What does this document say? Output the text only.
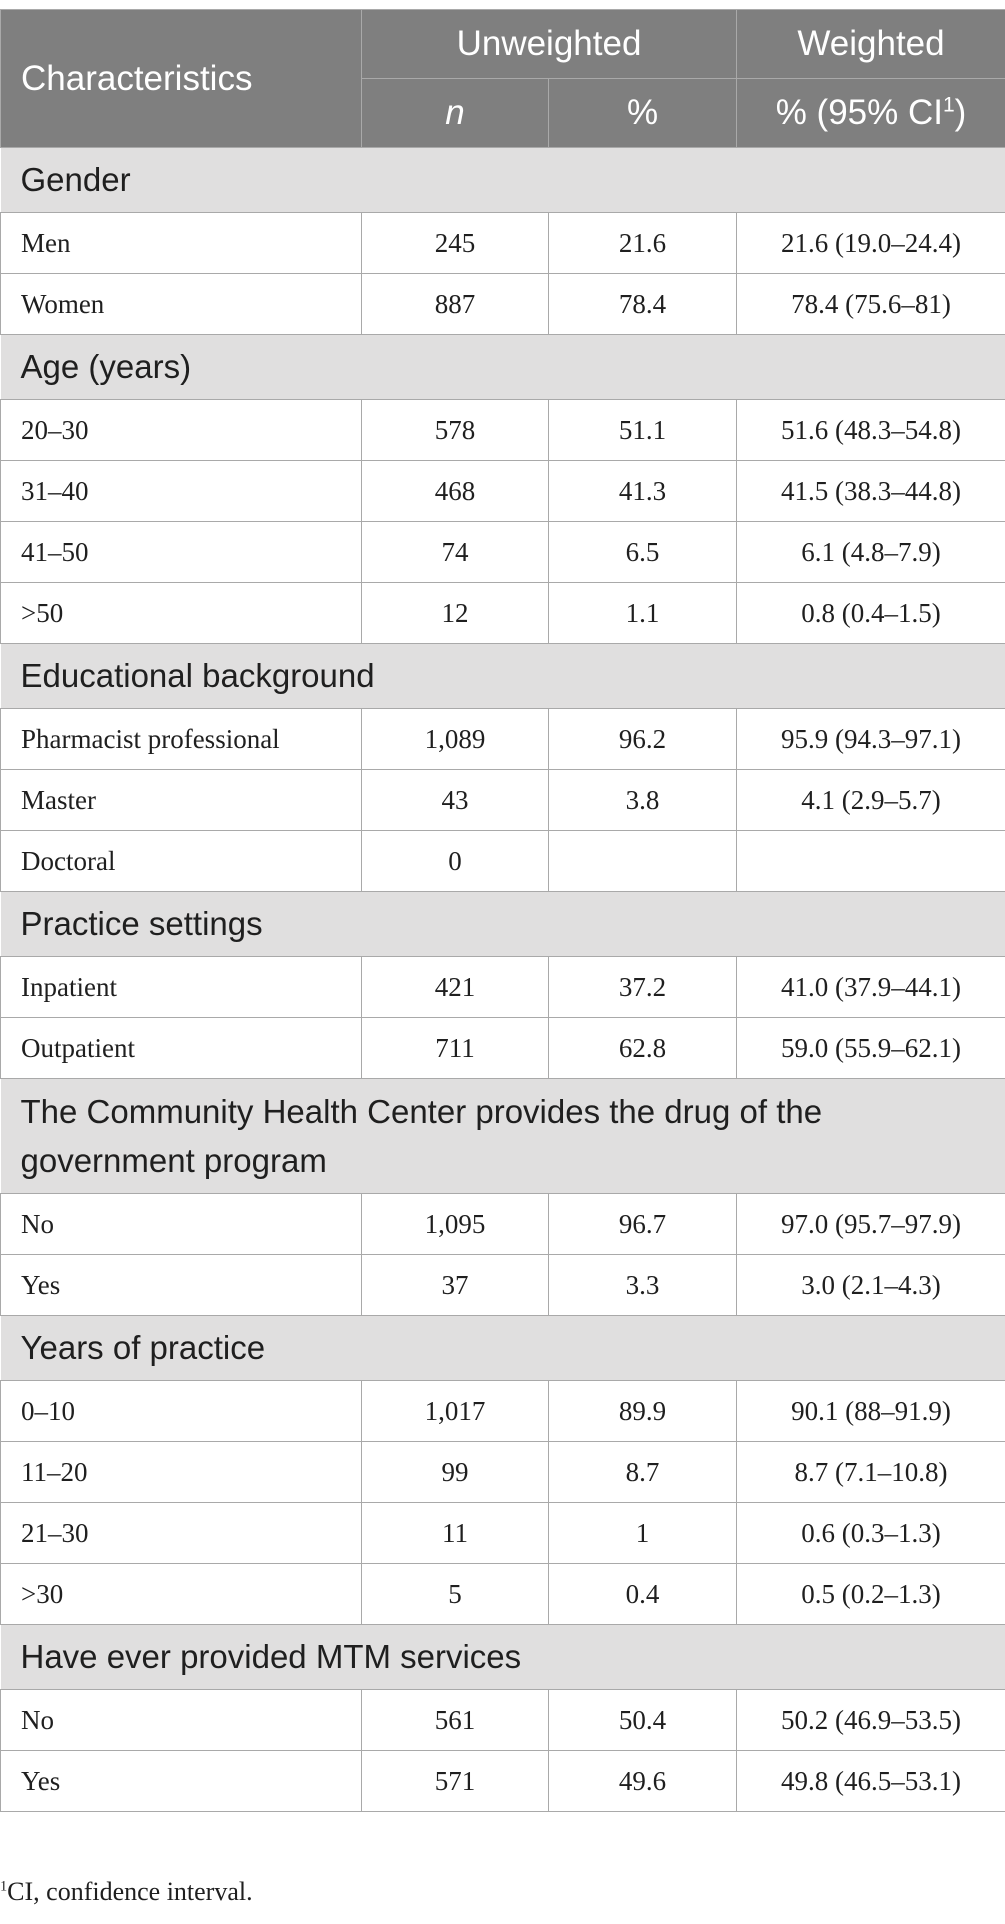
Characteristics	Unweighted		Weighted
	n	%	% (95% $CI^1$)
Gender			
Men	245	21.6	21.6 (19.0–24.4)
Women	887	78.4	78.4 (75.6–81)
Age (years)			
20–30	578	51.1	51.6 (48.3–54.8)
31–40	468	41.3	41.5 (38.3–44.8)
41–50	74	6.5	6.1 (4.8–7.9)
>50	12	1.1	0.8 (0.4–1.5)
Educational background			
Pharmacist professional	1,089	96.2	95.9 (94.3–97.1)
Master	43	3.8	4.1 (2.9–5.7)
Doctoral	0		
Practice settings			
Inpatient	421	37.2	41.0 (37.9–44.1)
Outpatient	711	62.8	59.0 (55.9–62.1)
The Community Health Center provides the drug of the government program			
No	1,095	96.7	97.0 (95.7–97.9)
Yes	37	3.3	3.0 (2.1–4.3)
Years of practice			
0–10	1,017	89.9	90.1 (88–91.9)
11–20	99	8.7	8.7 (7.1–10.8)
21–30	11	1	0.6 (0.3–1.3)
>30	5	0.4	0.5 (0.2–1.3)
Have ever provided MTM services			
No	561	50.4	50.2 (46.9–53.5)
Yes	571	49.6	49.8 (46.5–53.1)
$^1$CI, confidence interval.
